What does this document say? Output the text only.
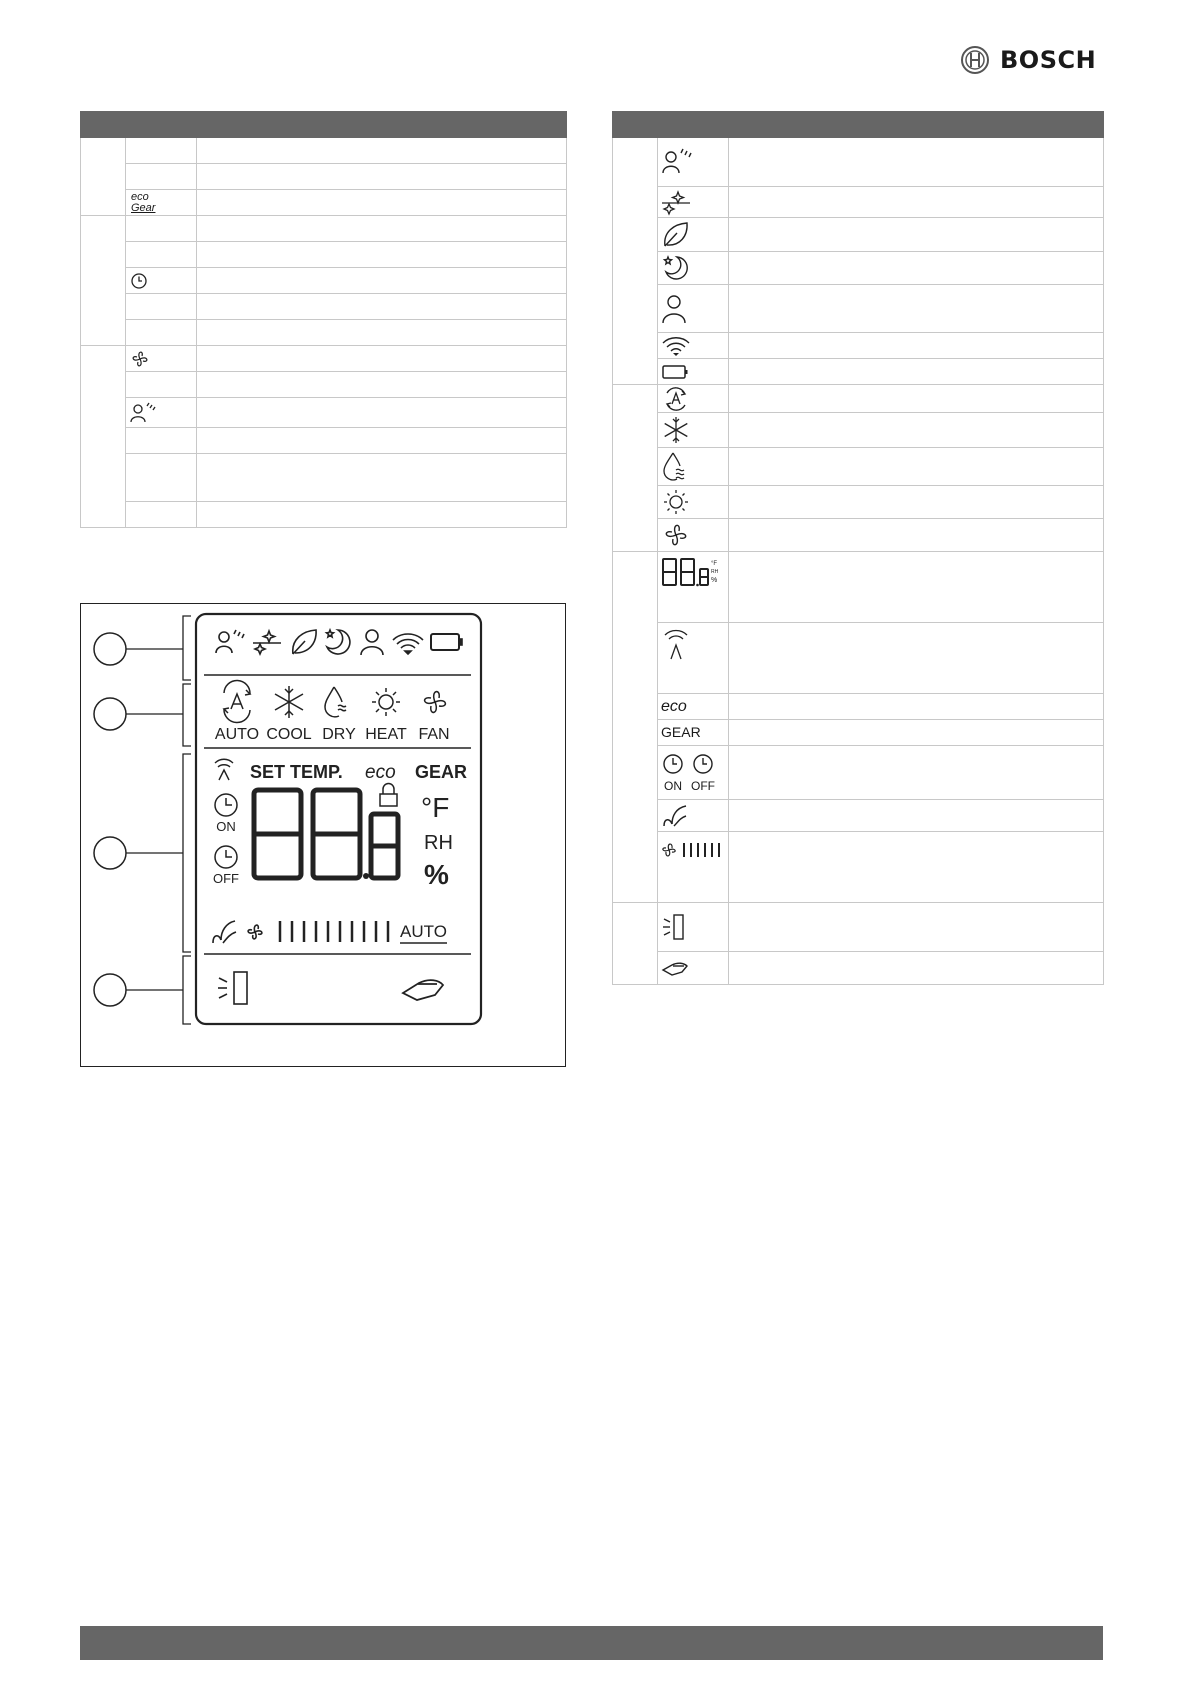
BOSCH

	eco
Gear	

°F
RH
%	

	eco	
	GEAR	

	ON OFF	

AUTO COOL DRY HEAT FAN
SET TEMP. eco GEAR
ON
OFF
°F
RH
%
AUTO
